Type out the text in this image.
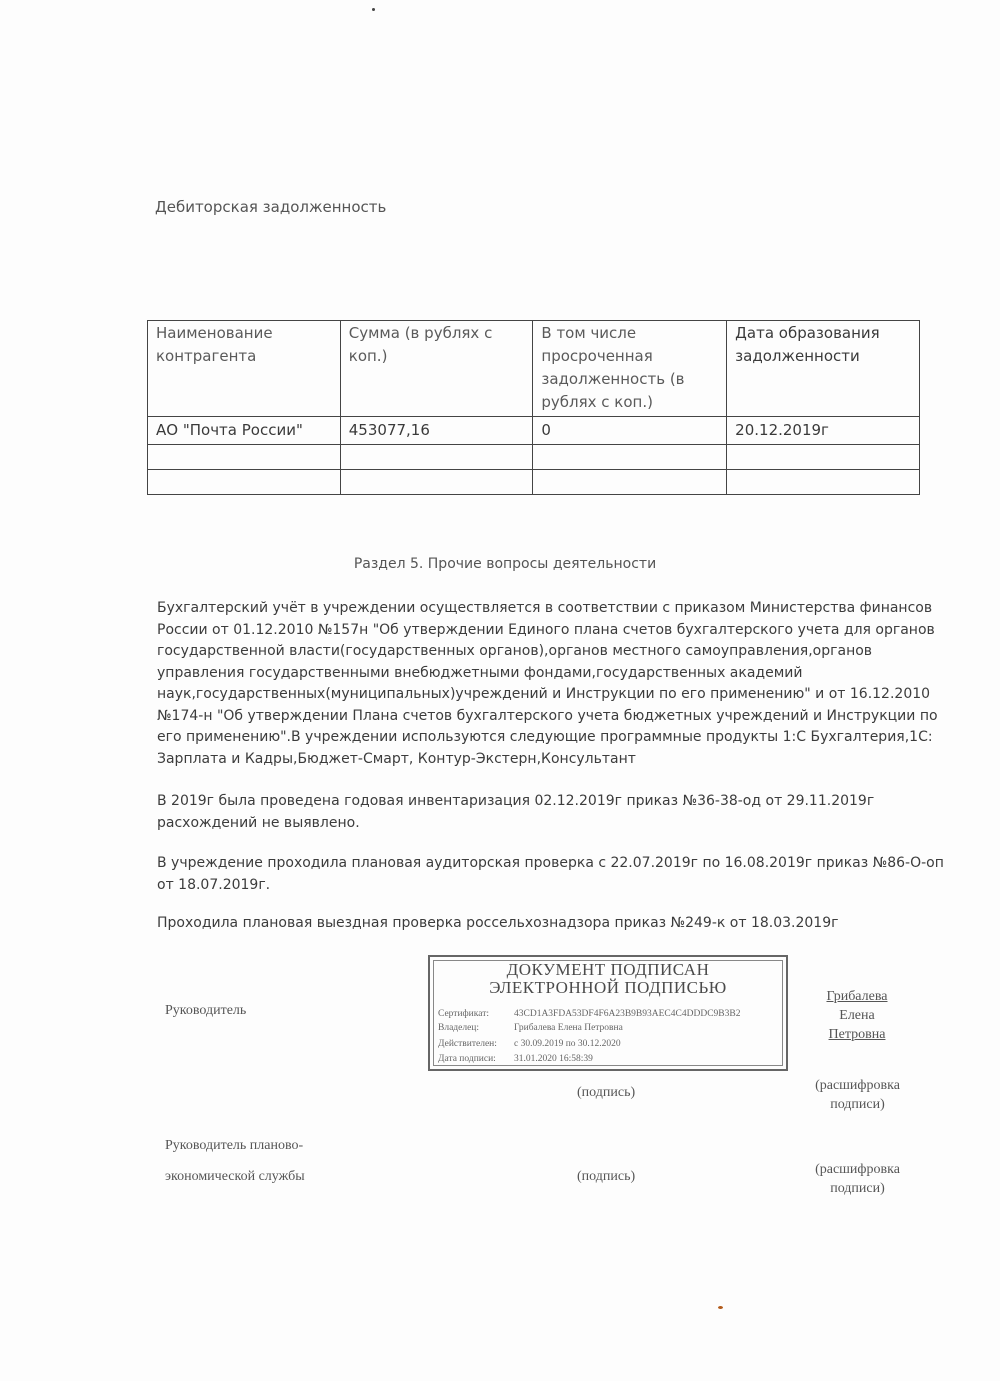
Дебиторская задолженность
Наименование контрагента	Сумма (в рублях с коп.)	В том числе просроченная задолженность (в рублях с коп.)	Дата образования задолженности
АО "Почта России"	453077,16	0	20.12.2019г

Раздел 5. Прочие вопросы деятельности
Бухгалтерский учёт в учреждении осуществляется в соответствии с приказом Министерства финансов России от 01.12.2010 №157н "Об утверждении Единого плана счетов бухгалтерского учета для органов государственной власти(государственных органов),органов местного самоуправления,органов управления государственными внебюджетными фондами,государственных академий наук,государственных(муниципальных)учреждений и Инструкции по его применению" и от 16.12.2010 №174-н "Об утверждении Плана счетов бухгалтерского учета бюджетных учреждений и Инструкции по его применению".В учреждении используются следующие программные продукты 1:С Бухгалтерия,1С: Зарплата и Кадры,Бюджет-Смарт, Контур-Экстерн,Консультант
В 2019г была проведена годовая инвентаризация 02.12.2019г приказ №36-38-од от 29.11.2019г расхождений не выявлено.
В учреждение проходила плановая аудиторская проверка с 22.07.2019г по 16.08.2019г приказ №86-О-оп от 18.07.2019г.
Проходила плановая выездная проверка россельхознадзора приказ №249-к от 18.03.2019г
Руководитель
ДОКУМЕНТ ПОДПИСАН
ЭЛЕКТРОННОЙ ПОДПИСЬЮ
Сертификат:	43CD1A3FDA53DF4F6A23B9B93AEC4C4DDDC9B3B2
Владелец:	Грибалева Елена Петровна
Действителен: с 30.09.2019 по 30.12.2020
Дата подписи: 31.01.2020 16:58:39
Грибалева
Елена
Петровна
(подпись)	(расшифровка
подписи)
Руководитель планово-
экономической службы	(подпись)	(расшифровка
подписи)
